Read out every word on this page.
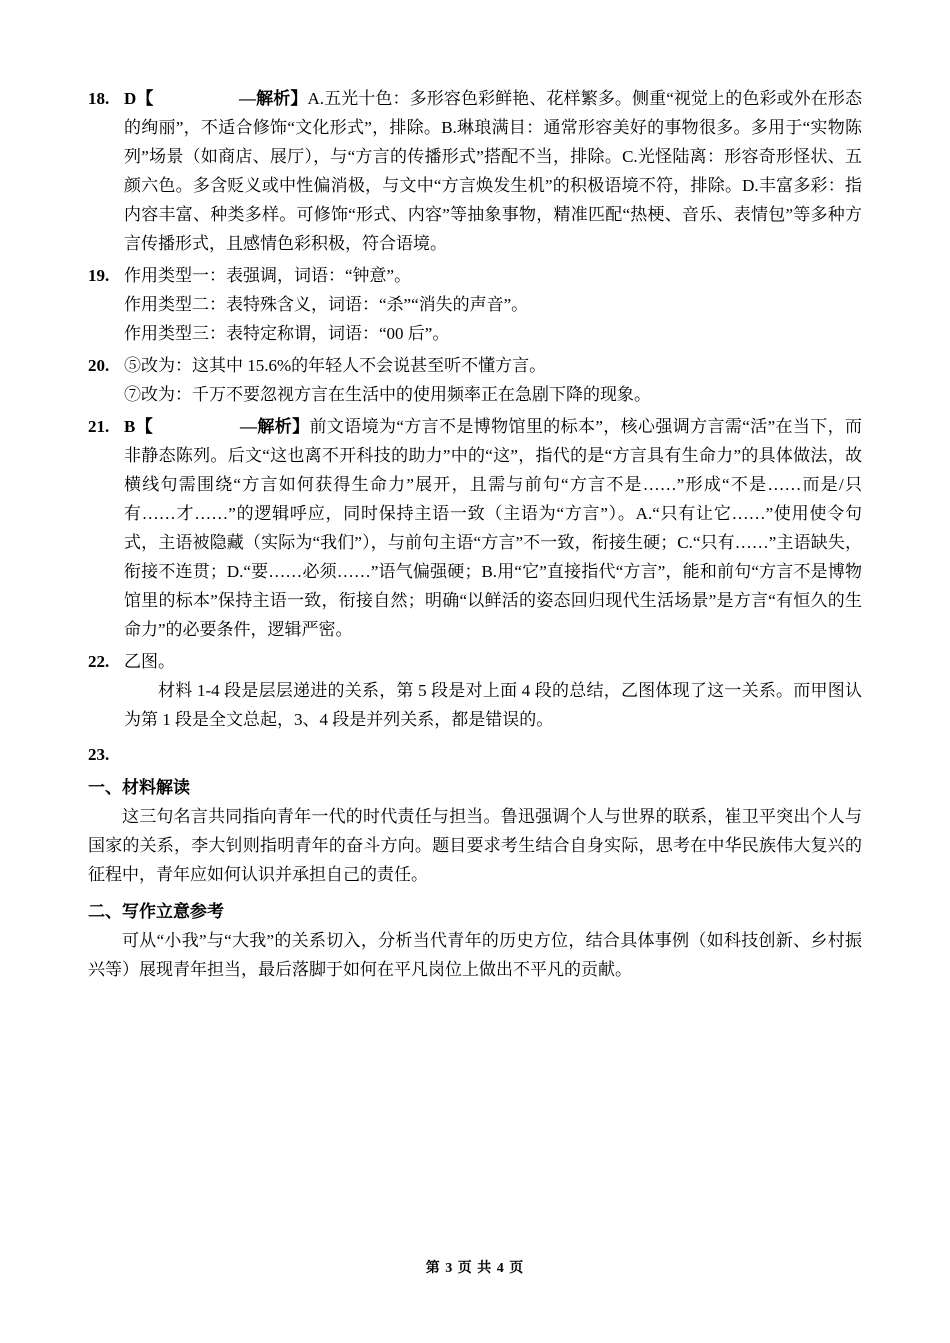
18. D【　　　　　—解析】A.五光十色：多形容色彩鲜艳、花样繁多。侧重“视觉上的色彩或外在形态的绚丽”，不适合修饰“文化形式”，排除。B.琳琅满目：通常形容美好的事物很多。多用于“实物陈列”场景（如商店、展厅），与“方言的传播形式”搭配不当，排除。C.光怪陆离：形容奇形怪状、五颜六色。多含贬义或中性偏消极，与文中“方言焕发生机”的积极语境不符，排除。D.丰富多彩：指内容丰富、种类多样。可修饰“形式、内容”等抽象事物，精准匹配“热梗、音乐、表情包”等多种方言传播形式，且感情色彩积极，符合语境。

19. 作用类型一：表强调，词语：“钟意”。

作用类型二：表特殊含义，词语：“杀”“消失的声音”。

作用类型三：表特定称谓，词语：“00 后”。

20. ⑤改为：这其中 15.6%的年轻人不会说甚至听不懂方言。

⑦改为：千万不要忽视方言在生活中的使用频率正在急剧下降的现象。

21. B【　　　　　—解析】前文语境为“方言不是博物馆里的标本”，核心强调方言需“活”在当下，而非静态陈列。后文“这也离不开科技的助力”中的“这”，指代的是“方言具有生命力”的具体做法，故横线句需围绕“方言如何获得生命力”展开，且需与前句“方言不是……”形成“不是……而是/只有……才……”的逻辑呼应，同时保持主语一致（主语为“方言”）。A.“只有让它……”使用使令句式，主语被隐藏（实际为“我们”），与前句主语“方言”不一致，衔接生硬；C.“只有……”主语缺失，衔接不连贯；D.“要……必须……”语气偏强硬；B.用“它”直接指代“方言”，能和前句“方言不是博物馆里的标本”保持主语一致，衔接自然；明确“以鲜活的姿态回归现代生活场景”是方言“有恒久的生命力”的必要条件，逻辑严密。

22. 乙图。

材料 1-4 段是层层递进的关系，第 5 段是对上面 4 段的总结，乙图体现了这一关系。而甲图认为第 1 段是全文总起，3、4 段是并列关系，都是错误的。

23.
一、材料解读

这三句名言共同指向青年一代的时代责任与担当。鲁迅强调个人与世界的联系，崔卫平突出个人与国家的关系，李大钊则指明青年的奋斗方向。题目要求考生结合自身实际，思考在中华民族伟大复兴的征程中，青年应如何认识并承担自己的责任。

二、写作立意参考

可从“小我”与“大我”的关系切入，分析当代青年的历史方位，结合具体事例（如科技创新、乡村振兴等）展现青年担当，最后落脚于如何在平凡岗位上做出不平凡的贡献。

第 3 页 共 4 页
